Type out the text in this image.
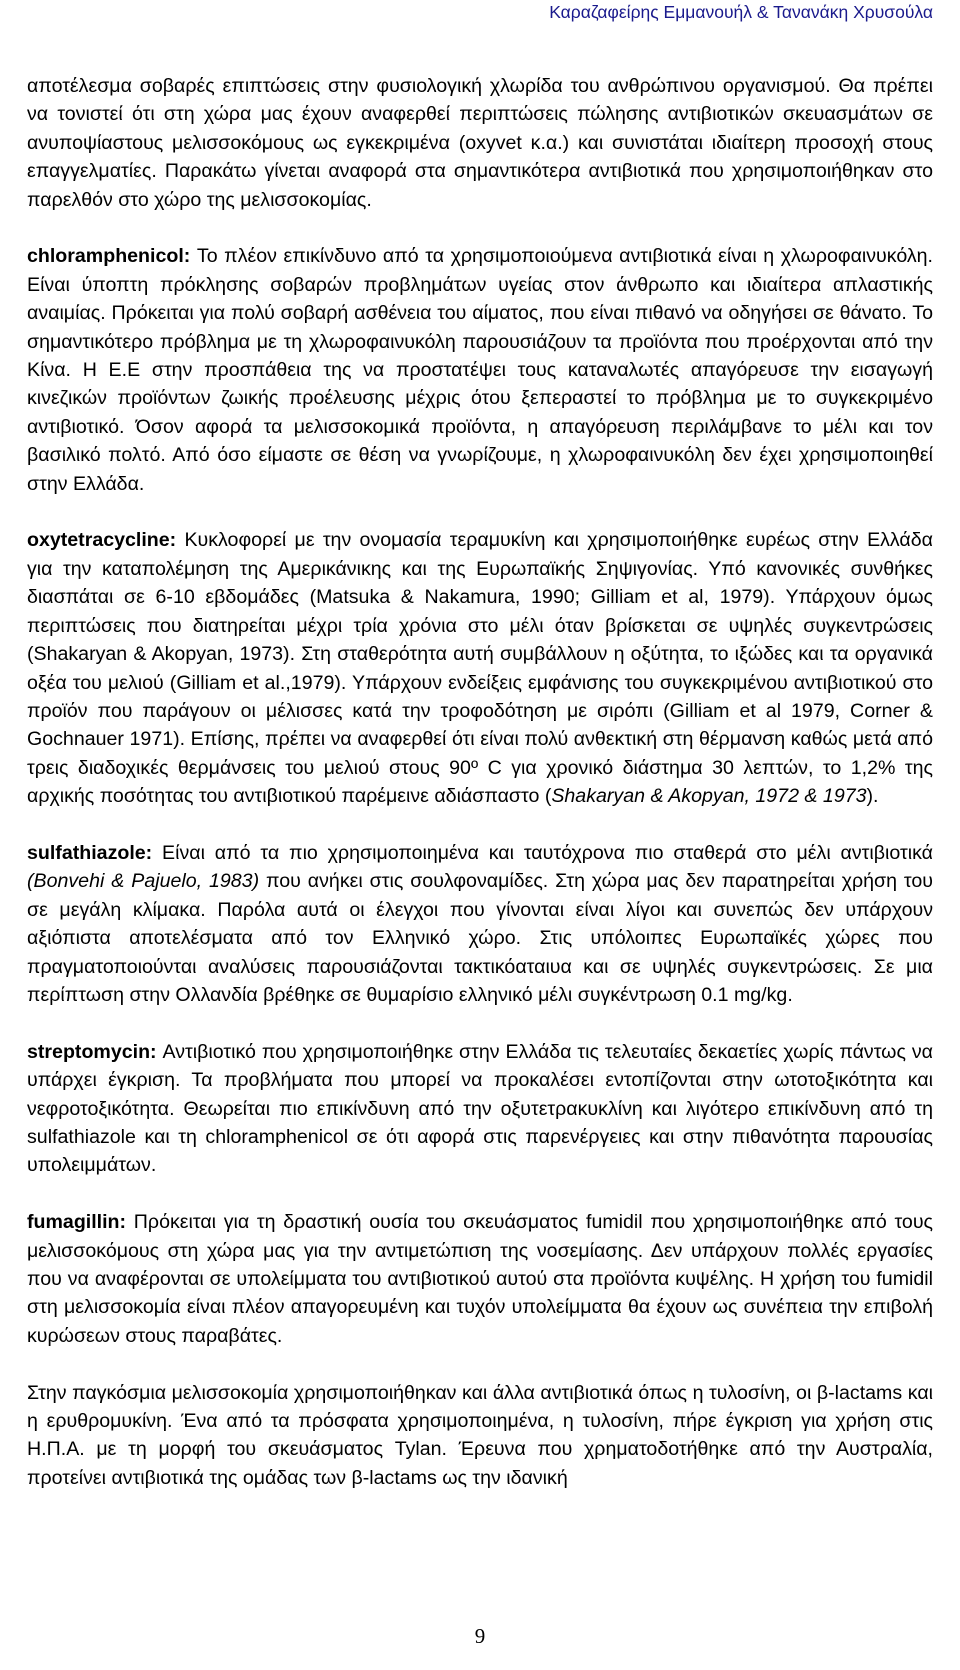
Καραζαφείρης Εμμανουήλ & Τανανάκη Χρυσούλα

αποτέλεσμα σοβαρές επιπτώσεις στην φυσιολογική χλωρίδα του ανθρώπινου οργανισμού. Θα πρέπει να τονιστεί ότι στη χώρα μας έχουν αναφερθεί περιπτώσεις πώλησης αντιβιοτικών σκευασμάτων σε ανυποψίαστους μελισσοκόμους ως εγκεκριμένα (oxyvet κ.α.) και συνιστάται ιδιαίτερη προσοχή στους επαγγελματίες. Παρακάτω γίνεται αναφορά στα σημαντικότερα αντιβιοτικά που χρησιμοποιήθηκαν στο παρελθόν στο χώρο της μελισσοκομίας.

chloramphenicol: Το πλέον επικίνδυνο από τα χρησιμοποιούμενα αντιβιοτικά είναι η χλωροφαινυκόλη. Είναι ύποπτη πρόκλησης σοβαρών προβλημάτων υγείας στον άνθρωπο και ιδιαίτερα απλαστικής αναιμίας. Πρόκειται για πολύ σοβαρή ασθένεια του αίματος, που είναι πιθανό να οδηγήσει σε θάνατο. Το σημαντικότερο πρόβλημα με τη χλωροφαινυκόλη παρουσιάζουν τα προϊόντα που προέρχονται από την Κίνα. Η Ε.Ε στην προσπάθεια της να προστατέψει τους καταναλωτές απαγόρευσε την εισαγωγή κινεζικών προϊόντων ζωικής προέλευσης μέχρις ότου ξεπεραστεί το πρόβλημα με το συγκεκριμένο αντιβιοτικό. Όσον αφορά τα μελισσοκομικά προϊόντα, η απαγόρευση περιλάμβανε το μέλι και τον βασιλικό πολτό. Από όσο είμαστε σε θέση να γνωρίζουμε, η χλωροφαινυκόλη δεν έχει χρησιμοποιηθεί στην Ελλάδα.

oxytetracycline: Κυκλοφορεί με την ονομασία τεραμυκίνη και χρησιμοποιήθηκε ευρέως στην Ελλάδα για την καταπολέμηση της Αμερικάνικης και της Ευρωπαϊκής Σηψιγονίας. Υπό κανονικές συνθήκες διασπάται σε 6-10 εβδομάδες (Matsuka & Nakamura, 1990; Gilliam et al, 1979). Υπάρχουν όμως περιπτώσεις που διατηρείται μέχρι τρία χρόνια στο μέλι όταν βρίσκεται σε υψηλές συγκεντρώσεις (Shakaryan & Akopyan, 1973). Στη σταθερότητα αυτή συμβάλλουν η οξύτητα, το ιξώδες και τα οργανικά οξέα του μελιού (Gilliam et al.,1979). Υπάρχουν ενδείξεις εμφάνισης του συγκεκριμένου αντιβιοτικού στο προϊόν που παράγουν οι μέλισσες κατά την τροφοδότηση με σιρόπι (Gilliam et al 1979, Corner & Gochnauer 1971). Επίσης, πρέπει να αναφερθεί ότι είναι πολύ ανθεκτική στη θέρμανση καθώς μετά από τρεις διαδοχικές θερμάνσεις του μελιού στους 90º C για χρονικό διάστημα 30 λεπτών, το 1,2% της αρχικής ποσότητας του αντιβιοτικού παρέμεινε αδιάσπαστο (Shakaryan & Akopyan, 1972 & 1973).

sulfathiazole: Είναι από τα πιο χρησιμοποιημένα και ταυτόχρονα πιο σταθερά στο μέλι αντιβιοτικά (Bonvehi & Pajuelo, 1983) που ανήκει στις σουλφοναμίδες. Στη χώρα μας δεν παρατηρείται χρήση του σε μεγάλη κλίμακα. Παρόλα αυτά οι έλεγχοι που γίνονται είναι λίγοι και συνεπώς δεν υπάρχουν αξιόπιστα αποτελέσματα από τον Ελληνικό χώρο. Στις υπόλοιπες Ευρωπαϊκές χώρες που πραγματοποιούνται αναλύσεις παρουσιάζονται τακτικόαταιυα και σε υψηλές συγκεντρώσεις. Σε μια περίπτωση στην Ολλανδία βρέθηκε σε θυμαρίσιο ελληνικό μέλι συγκέντρωση 0.1 mg/kg.

streptomycin: Αντιβιοτικό που χρησιμοποιήθηκε στην Ελλάδα τις τελευταίες δεκαετίες χωρίς πάντως να υπάρχει έγκριση. Τα προβλήματα που μπορεί να προκαλέσει εντοπίζονται στην ωτοτοξικότητα και νεφροτοξικότητα. Θεωρείται πιο επικίνδυνη από την οξυτετρακυκλίνη και λιγότερο επικίνδυνη από τη sulfathiazole και τη chloramphenicol σε ότι αφορά στις παρενέργειες και στην πιθανότητα παρουσίας υπολειμμάτων.

fumagillin: Πρόκειται για τη δραστική ουσία του σκευάσματος fumidil που χρησιμοποιήθηκε από τους μελισσοκόμους στη χώρα μας για την αντιμετώπιση της νοσεμίασης. Δεν υπάρχουν πολλές εργασίες που να αναφέρονται σε υπολείμματα του αντιβιοτικού αυτού στα προϊόντα κυψέλης. Η χρήση του fumidil στη μελισσοκομία είναι πλέον απαγορευμένη και τυχόν υπολείμματα θα έχουν ως συνέπεια την επιβολή κυρώσεων στους παραβάτες.

Στην παγκόσμια μελισσοκομία χρησιμοποιήθηκαν και άλλα αντιβιοτικά όπως η τυλοσίνη, οι β-lactams και η ερυθρομυκίνη. Ένα από τα πρόσφατα χρησιμοποιημένα, η τυλοσίνη, πήρε έγκριση για χρήση στις Η.Π.Α. με τη μορφή του σκευάσματος Tylan. Έρευνα που χρηματοδοτήθηκε από την Αυστραλία, προτείνει αντιβιοτικά της ομάδας των β-lactams ως την ιδανική

9
